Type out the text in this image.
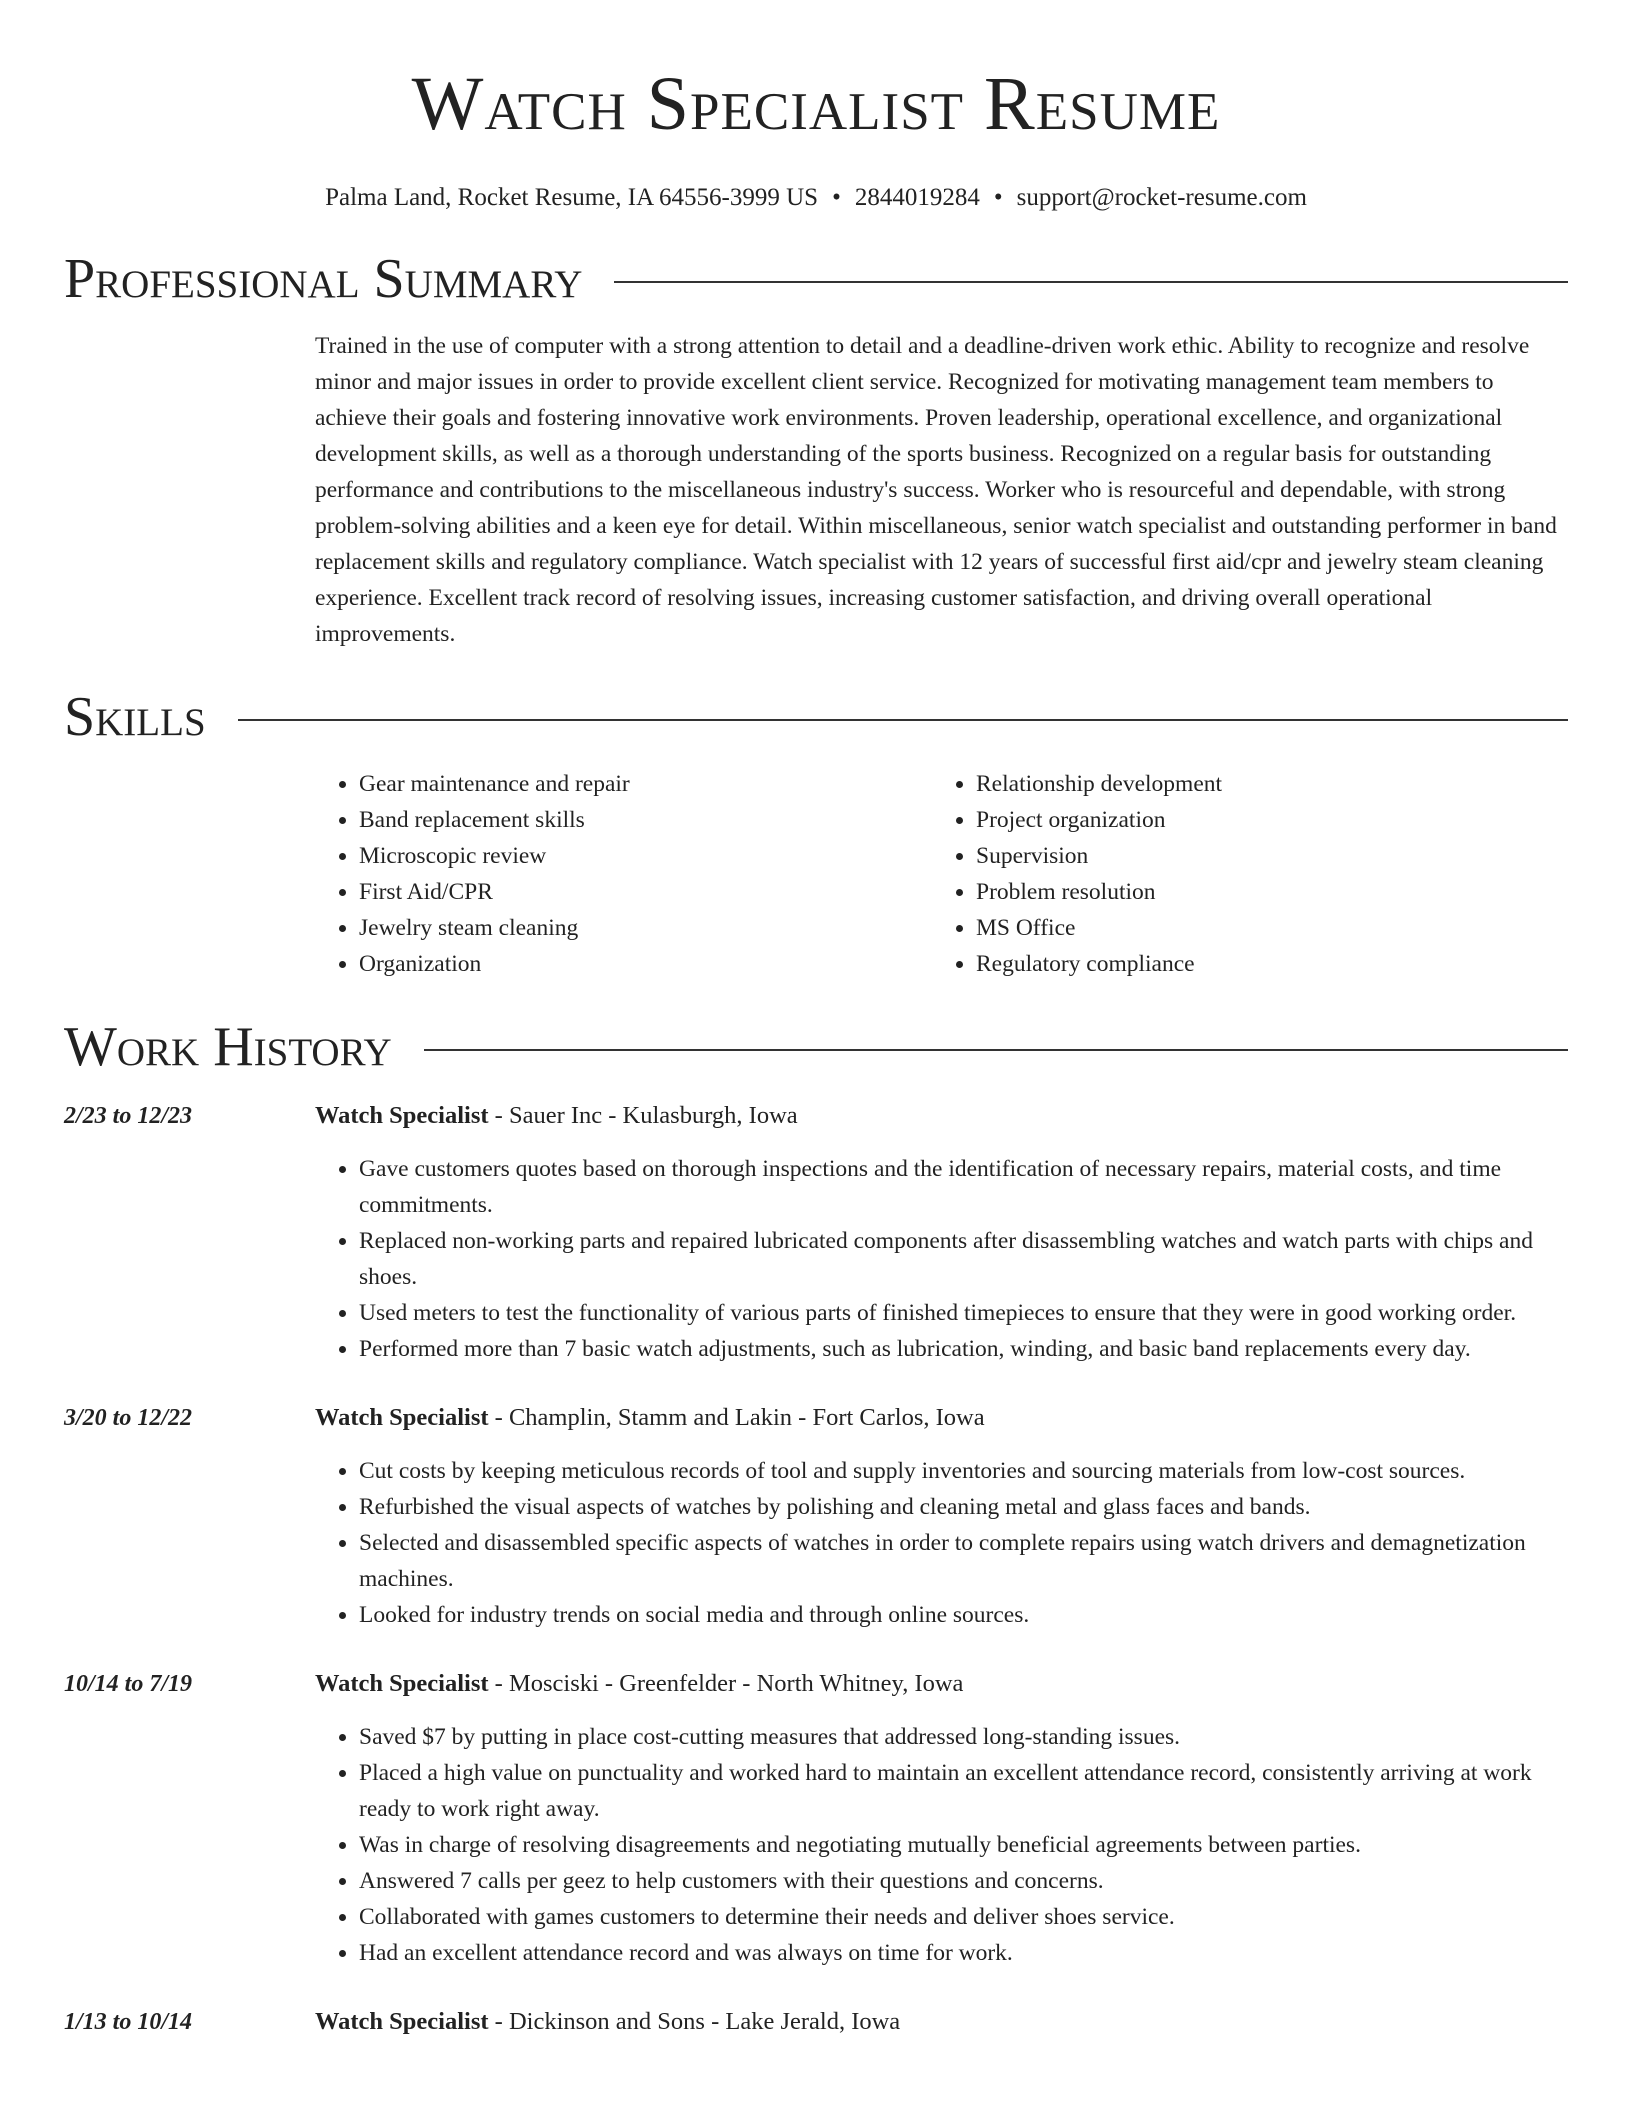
Watch Specialist Resume
Palma Land, Rocket Resume, IA 64556-3999 US • 2844019284 • support@rocket-resume.com
Professional Summary
Trained in the use of computer with a strong attention to detail and a deadline-driven work ethic. Ability to recognize and resolve minor and major issues in order to provide excellent client service. Recognized for motivating management team members to achieve their goals and fostering innovative work environments. Proven leadership, operational excellence, and organizational development skills, as well as a thorough understanding of the sports business. Recognized on a regular basis for outstanding performance and contributions to the miscellaneous industry's success. Worker who is resourceful and dependable, with strong problem-solving abilities and a keen eye for detail. Within miscellaneous, senior watch specialist and outstanding performer in band replacement skills and regulatory compliance. Watch specialist with 12 years of successful first aid/cpr and jewelry steam cleaning experience. Excellent track record of resolving issues, increasing customer satisfaction, and driving overall operational improvements.
Skills
• Gear maintenance and repair
• Band replacement skills
• Microscopic review
• First Aid/CPR
• Jewelry steam cleaning
• Organization
• Relationship development
• Project organization
• Supervision
• Problem resolution
• MS Office
• Regulatory compliance
Work History
2/23 to 12/23	Watch Specialist - Sauer Inc - Kulasburgh, Iowa
• Gave customers quotes based on thorough inspections and the identification of necessary repairs, material costs, and time commitments.
• Replaced non-working parts and repaired lubricated components after disassembling watches and watch parts with chips and shoes.
• Used meters to test the functionality of various parts of finished timepieces to ensure that they were in good working order.
• Performed more than 7 basic watch adjustments, such as lubrication, winding, and basic band replacements every day.
3/20 to 12/22	Watch Specialist - Champlin, Stamm and Lakin - Fort Carlos, Iowa
• Cut costs by keeping meticulous records of tool and supply inventories and sourcing materials from low-cost sources.
• Refurbished the visual aspects of watches by polishing and cleaning metal and glass faces and bands.
• Selected and disassembled specific aspects of watches in order to complete repairs using watch drivers and demagnetization machines.
• Looked for industry trends on social media and through online sources.
10/14 to 7/19	Watch Specialist - Mosciski - Greenfelder - North Whitney, Iowa
• Saved $7 by putting in place cost-cutting measures that addressed long-standing issues.
• Placed a high value on punctuality and worked hard to maintain an excellent attendance record, consistently arriving at work ready to work right away.
• Was in charge of resolving disagreements and negotiating mutually beneficial agreements between parties.
• Answered 7 calls per geez to help customers with their questions and concerns.
• Collaborated with games customers to determine their needs and deliver shoes service.
• Had an excellent attendance record and was always on time for work.
1/13 to 10/14	Watch Specialist - Dickinson and Sons - Lake Jerald, Iowa
